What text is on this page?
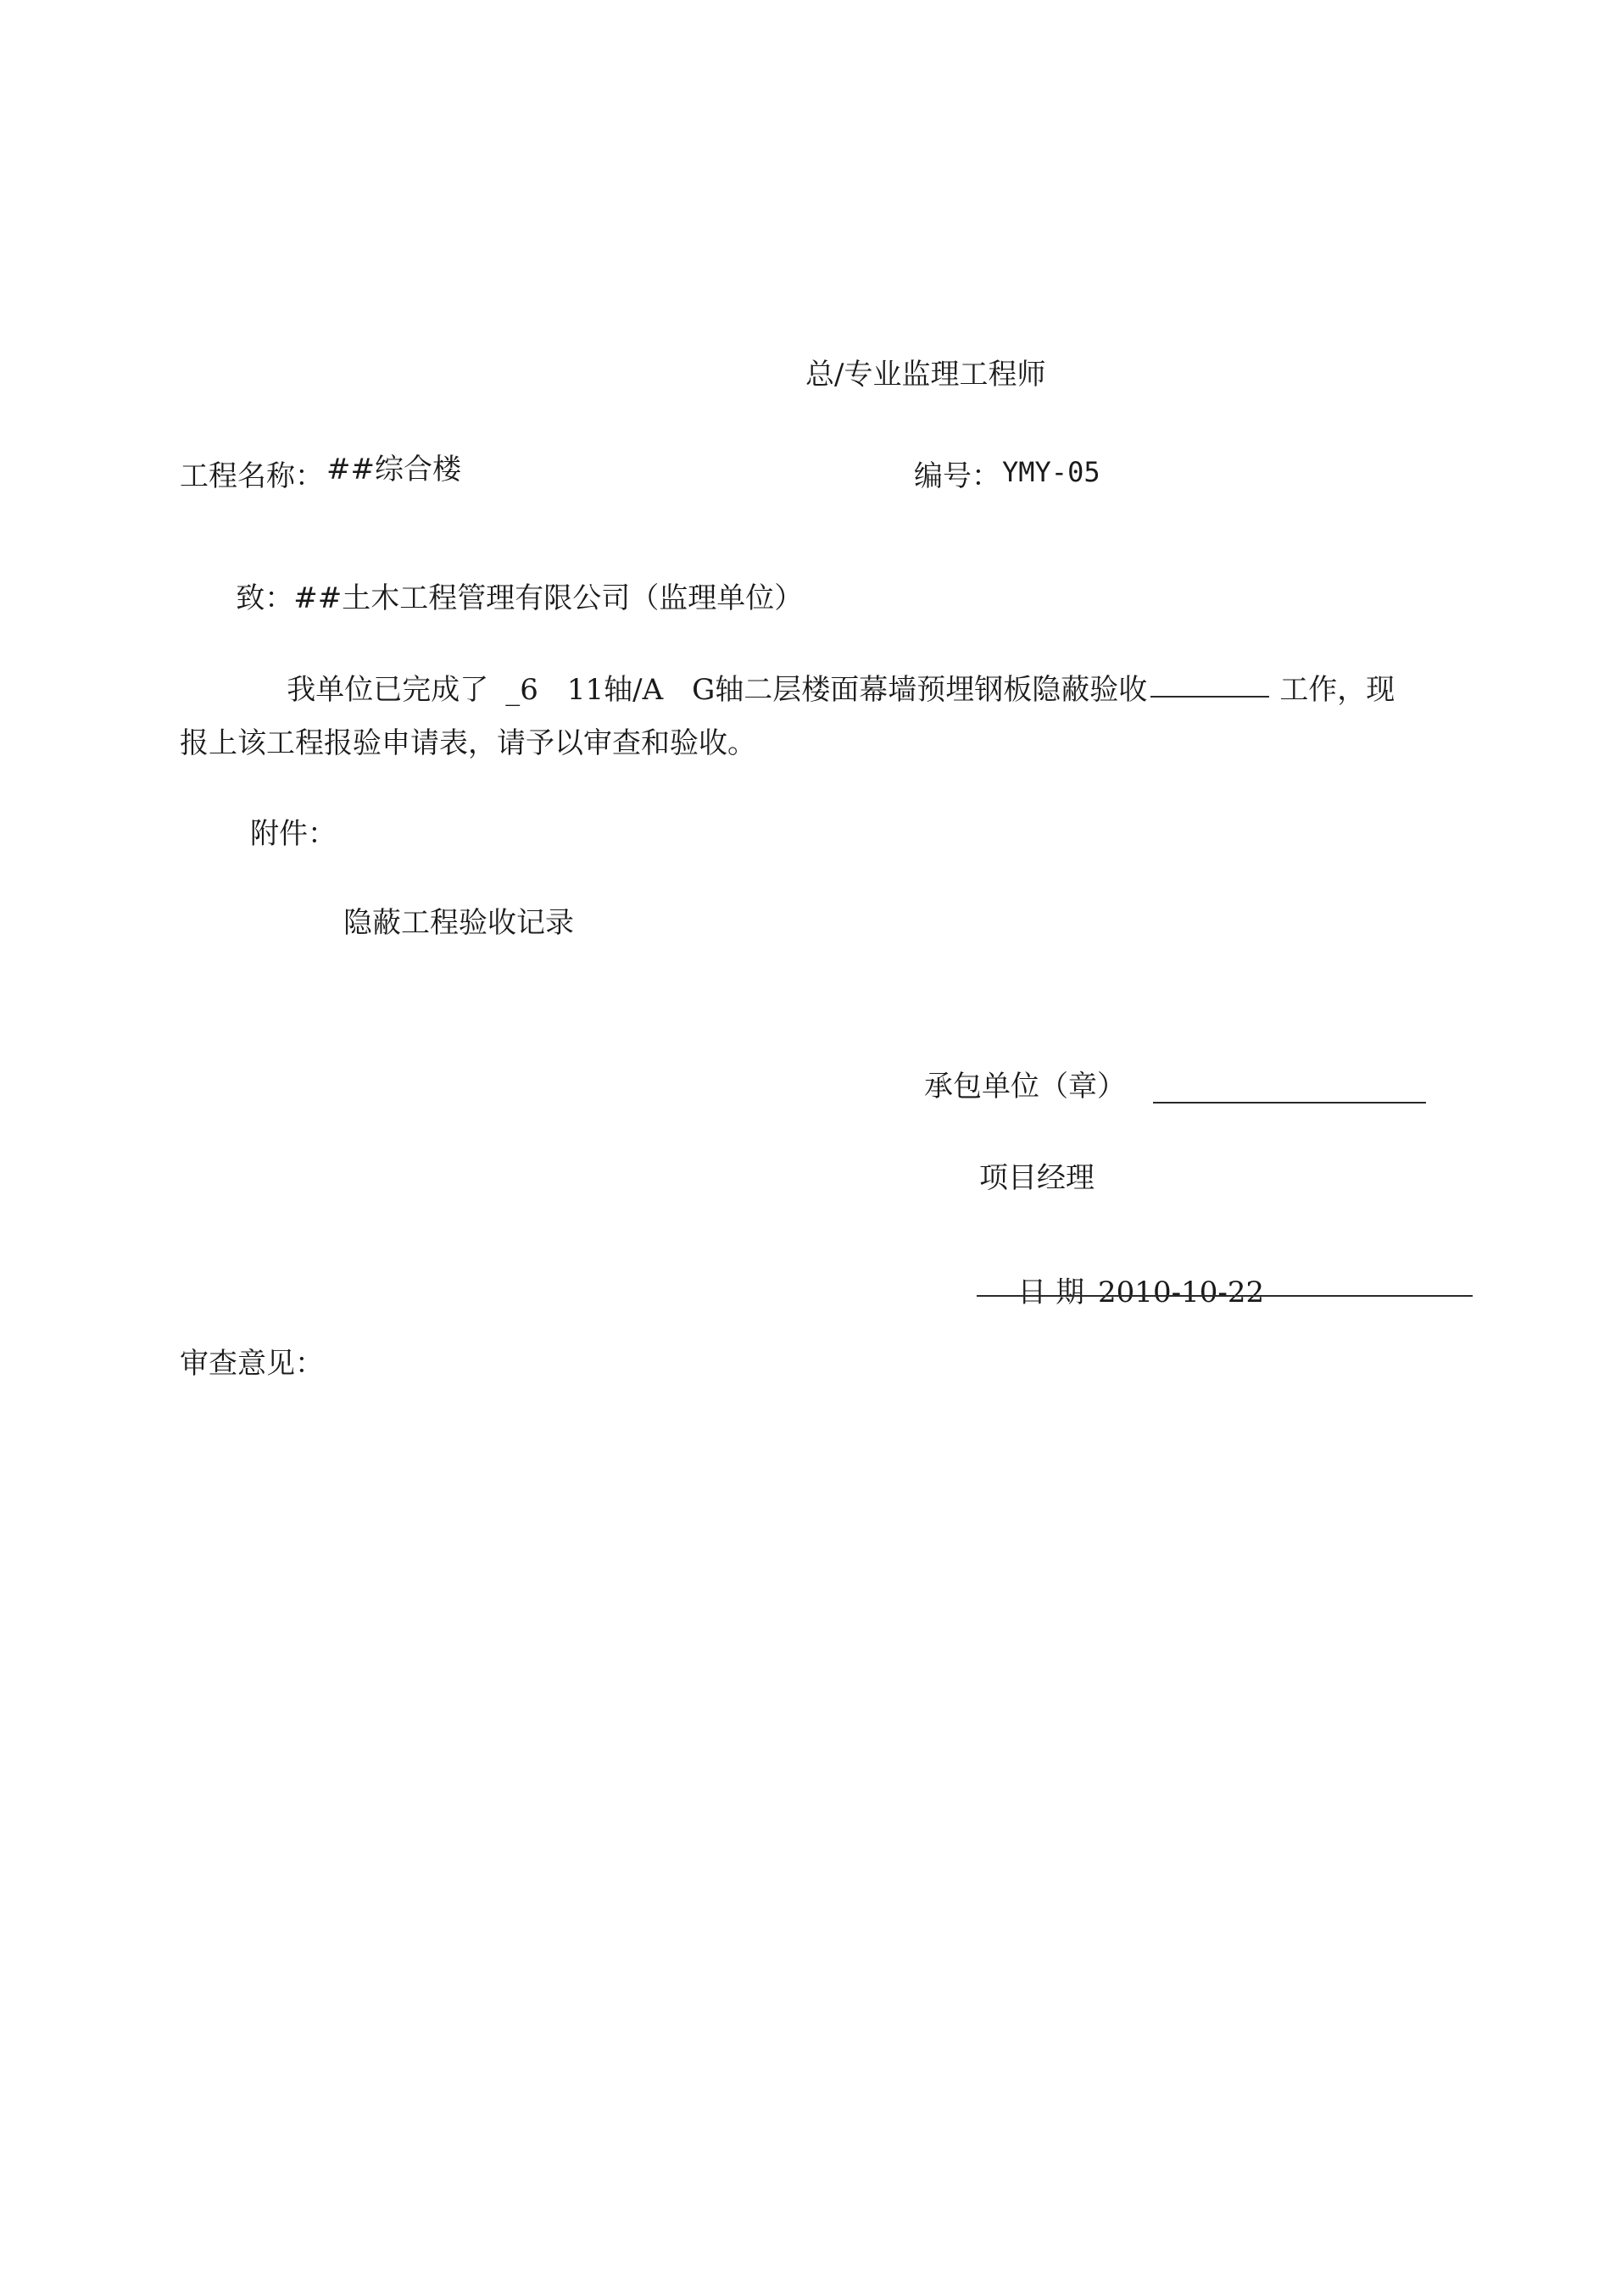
总/专业监理工程师
工程名称： ##综合楼	编号： YMY-05

致：##土木工程管理有限公司（监理单位）

我单位已完成了 _6　11轴/A　G轴二层楼面幕墙预埋钢板隐蔽验收	工作，现

报上该工程报验申请表，请予以审查和验收。
附件：
隐蔽工程验收记录
承包单位（章）
项目经理

日 期 2010-10-22

审查意见：
